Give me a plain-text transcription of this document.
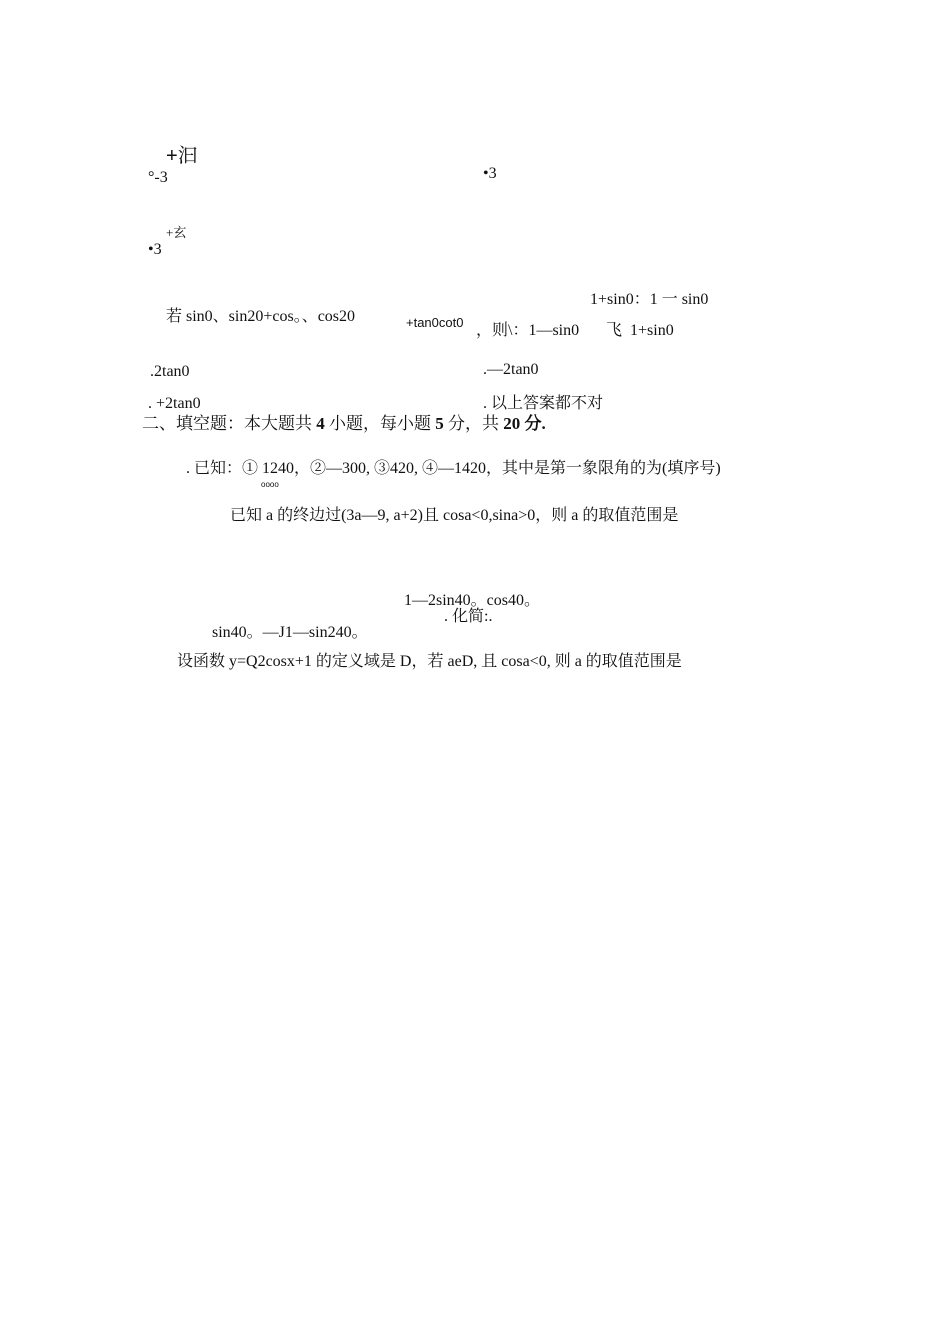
+汩
°-3	•3
+玄
•3
若 sin0、sin20+cos。、cos20	+tan0cot0 ，则\：1—sin0
1+sin0：1 一 sin0
飞 1+sin0
.2tan0	.—2tan0
. +2tan0	. 以上答案都不对
二、填空题：本大题共 4 小题，每小题 5 分，共 20 分.
. 已知：① 1240，②—300, ③420, ④—1420，其中是第一象限角的为(填序号)
oooo
已知 a 的终边过(3a—9, a+2)且 cosa<0,sina>0，则 a 的取值范围是
1—2sin40。cos40。
. 化简:.
sin40。—J1—sin240。
设函数 y=Q2cosx+1 的定义域是 D，若 aeD, 且 cosa<0, 则 a 的取值范围是
